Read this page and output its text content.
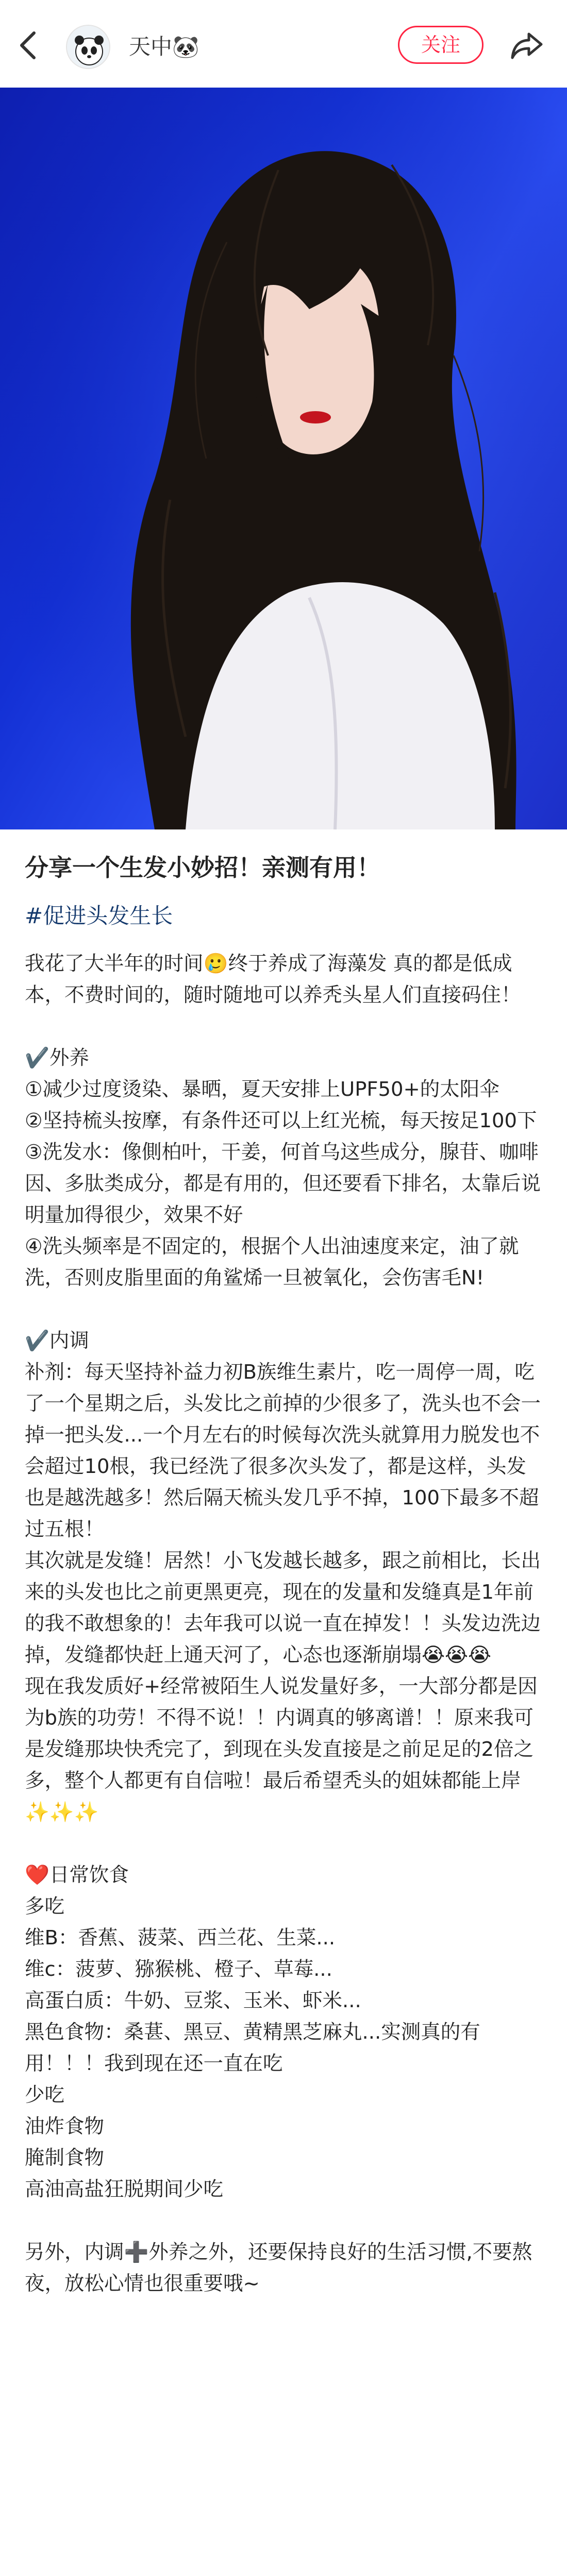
天中🐼	关注
分享一个生发小妙招！亲测有用！
#促进头发生长

我花了大半年的时间🥲终于养成了海藻发 真的都是低成本，不费时间的，随时随地可以养秃头星人们直接码住！

✔️外养

①减少过度烫染、暴晒，夏天安排上UPF50+的太阳伞

②坚持梳头按摩，有条件还可以上红光梳，每天按足100下

③洗发水：像側柏叶，干姜，何首乌这些成分，腺苷、咖啡因、多肽类成分，都是有用的，但还要看下排名，太靠后说明量加得很少，效果不好

④洗头频率是不固定的，根据个人出油速度来定，油了就洗，否则皮脂里面的角鲨烯一旦被氧化，会伤害毛N!

✔️内调

补剂：每天坚持补益力初B族维生素片，吃一周停一周，吃了一个星期之后，头发比之前掉的少很多了，洗头也不会一掉一把头发...一个月左右的时候每次洗头就算用力脱发也不会超过10根，我已经洗了很多次头发了，都是这样，头发也是越洗越多！然后隔天梳头发几乎不掉，100下最多不超过五根！

其次就是发缝！居然！小飞发越长越多，跟之前相比，长出来的头发也比之前更黑更亮，现在的发量和发缝真是1年前的我不敢想象的！去年我可以说一直在掉发！！头发边洗边掉，发缝都快赶上通天河了，心态也逐渐崩塌😭😭😭

现在我发质好+经常被陌生人说发量好多，一大部分都是因为b族的功劳！不得不说！！内调真的够离谱！！原来我可是发缝那块快秃完了，到现在头发直接是之前足足的2倍之多，整个人都更有自信啦！最后希望秃头的姐妹都能上岸✨✨✨

❤️日常饮食

多吃

维B：香蕉、菠菜、西兰花、生菜...

维c：菠萝、猕猴桃、橙子、草莓...

高蛋白质：牛奶、豆浆、玉米、虾米...

黑色食物：桑葚、黑豆、黄精黑芝麻丸...实测真的有用！！！我到现在还一直在吃

少吃

油炸食物

腌制食物

高油高盐狂脱期间少吃

另外，内调➕外养之外，还要保持良好的生活习惯,不要熬夜，放松心情也很重要哦~
